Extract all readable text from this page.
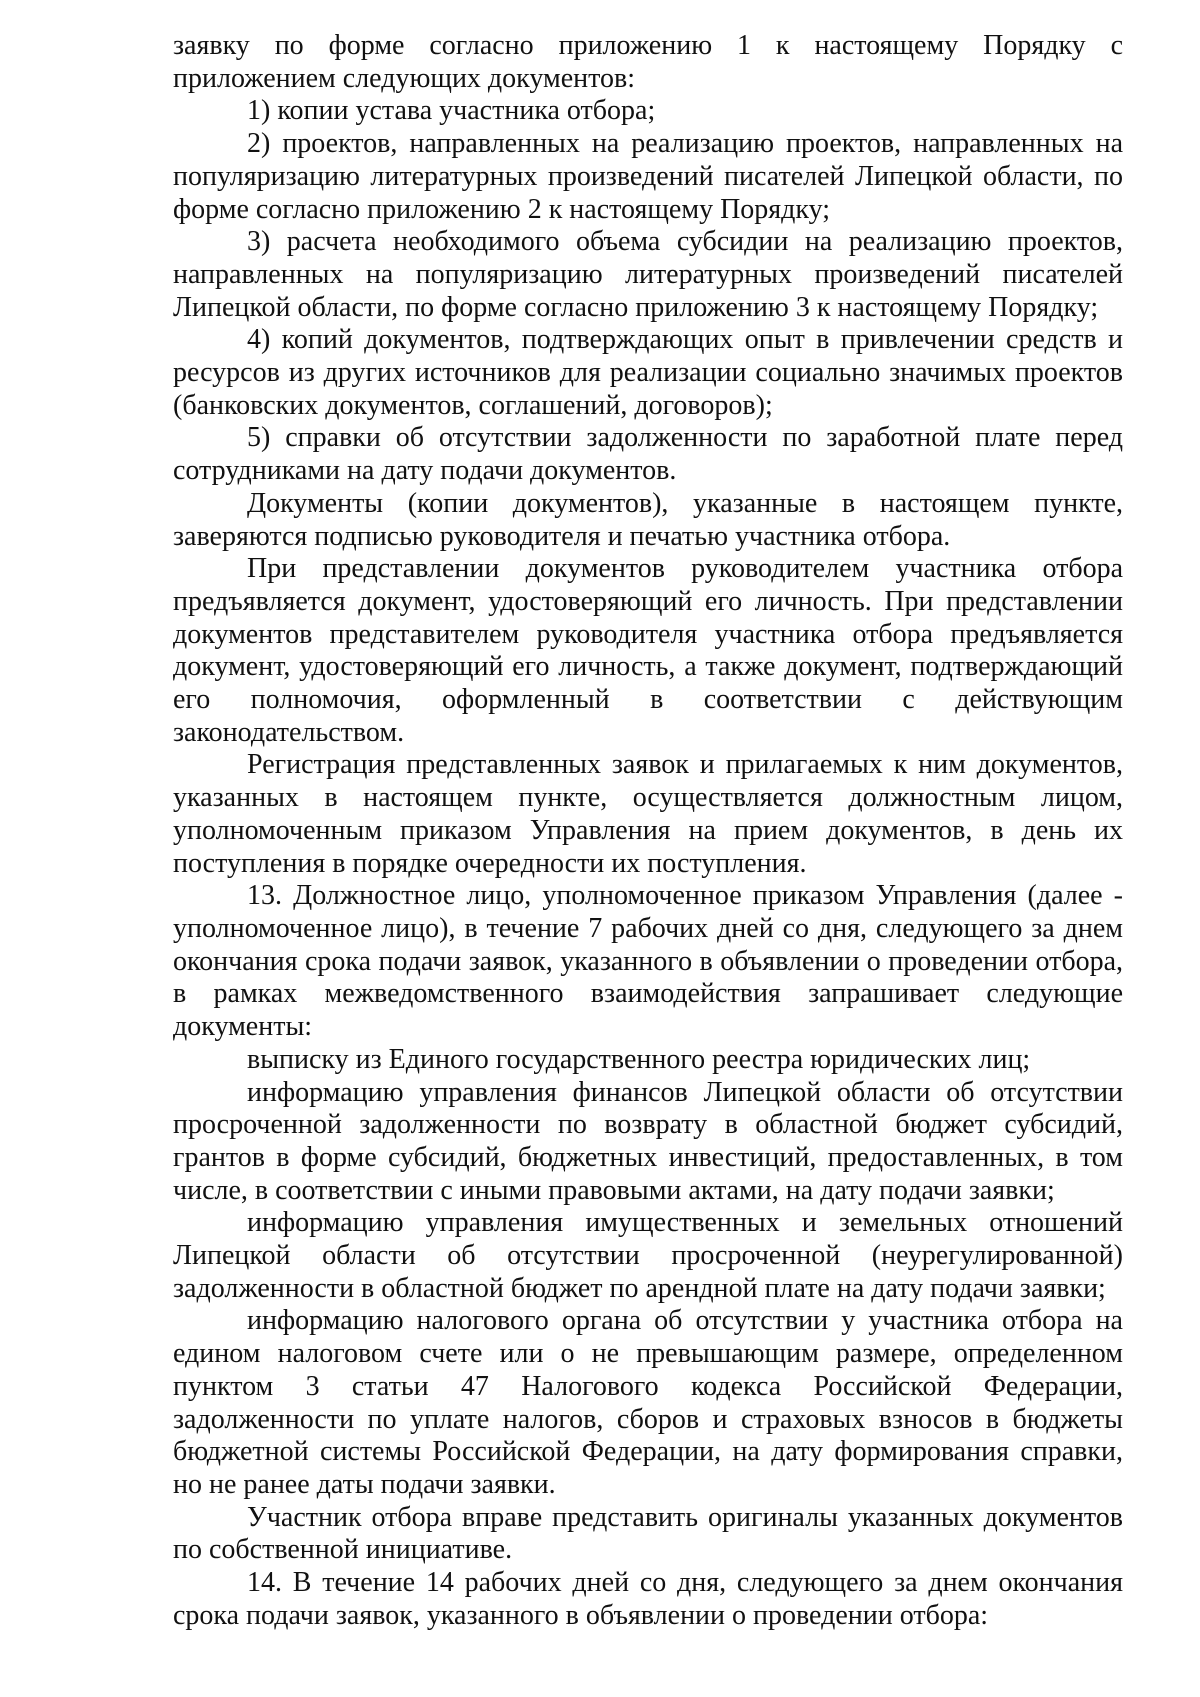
заявку по форме согласно приложению 1 к настоящему Порядку с приложением следующих документов:

1) копии устава участника отбора;

2) проектов, направленных на реализацию проектов, направленных на популяризацию литературных произведений писателей Липецкой области, по форме согласно приложению 2 к настоящему Порядку;

3) расчета необходимого объема субсидии на реализацию проектов, направленных на популяризацию литературных произведений писателей Липецкой области, по форме согласно приложению 3 к настоящему Порядку;

4) копий документов, подтверждающих опыт в привлечении средств и ресурсов из других источников для реализации социально значимых проектов (банковских документов, соглашений, договоров);

5) справки об отсутствии задолженности по заработной плате перед сотрудниками на дату подачи документов.

Документы (копии документов), указанные в настоящем пункте, заверяются подписью руководителя и печатью участника отбора.

При представлении документов руководителем участника отбора предъявляется документ, удостоверяющий его личность. При представлении документов представителем руководителя участника отбора предъявляется документ, удостоверяющий его личность, а также документ, подтверждающий его полномочия, оформленный в соответствии с действующим законодательством.

Регистрация представленных заявок и прилагаемых к ним документов, указанных в настоящем пункте, осуществляется должностным лицом, уполномоченным приказом Управления на прием документов, в день их поступления в порядке очередности их поступления.

13. Должностное лицо, уполномоченное приказом Управления (далее - уполномоченное лицо), в течение 7 рабочих дней со дня, следующего за днем окончания срока подачи заявок, указанного в объявлении о проведении отбора, в рамках межведомственного взаимодействия запрашивает следующие документы:

выписку из Единого государственного реестра юридических лиц;

информацию управления финансов Липецкой области об отсутствии просроченной задолженности по возврату в областной бюджет субсидий, грантов в форме субсидий, бюджетных инвестиций, предоставленных, в том числе, в соответствии с иными правовыми актами, на дату подачи заявки;

информацию управления имущественных и земельных отношений Липецкой области об отсутствии просроченной (неурегулированной) задолженности в областной бюджет по арендной плате на дату подачи заявки;

информацию налогового органа об отсутствии у участника отбора на едином налоговом счете или о не превышающим размере, определенном пунктом 3 статьи 47 Налогового кодекса Российской Федерации, задолженности по уплате налогов, сборов и страховых взносов в бюджеты бюджетной системы Российской Федерации, на дату формирования справки, но не ранее даты подачи заявки.

Участник отбора вправе представить оригиналы указанных документов по собственной инициативе.

14. В течение 14 рабочих дней со дня, следующего за днем окончания срока подачи заявок, указанного в объявлении о проведении отбора:
